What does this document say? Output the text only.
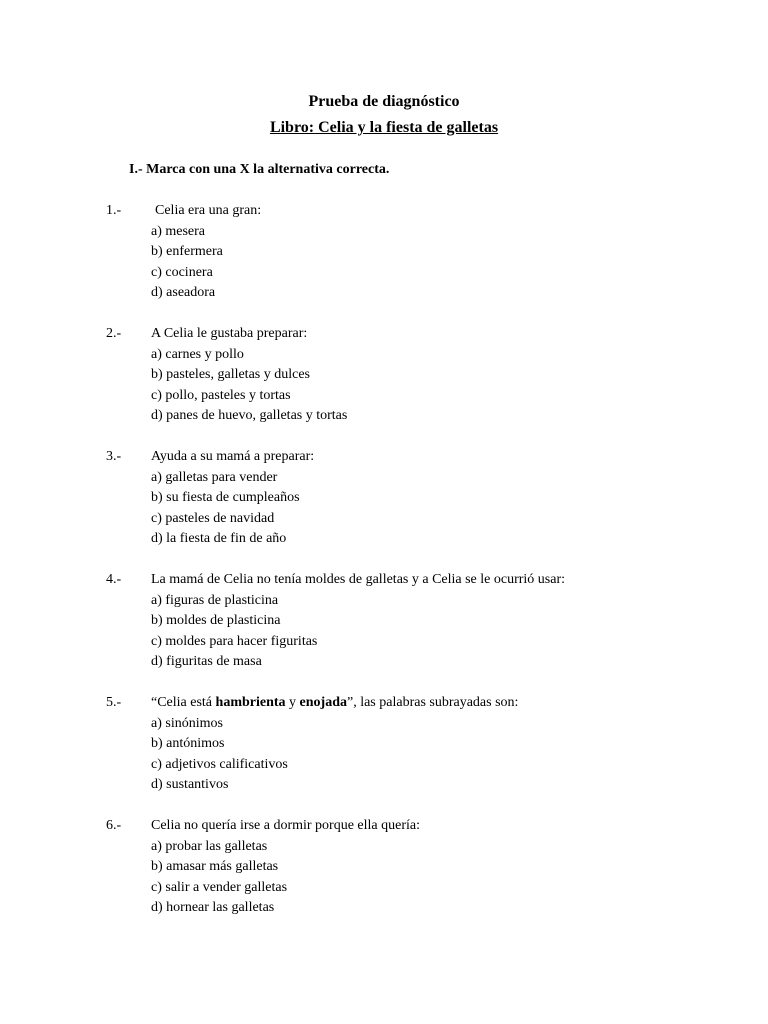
Prueba de diagnóstico
Libro: Celia y la fiesta de galletas

I.- Marca con una X la alternativa correcta.

1.- Celia era una gran:
a) mesera
b) enfermera
c) cocinera
d) aseadora
2.- A Celia le gustaba preparar:
a) carnes y pollo
b) pasteles, galletas y dulces
c) pollo, pasteles y tortas
d) panes de huevo, galletas y tortas
3.- Ayuda a su mamá a preparar:
a) galletas para vender
b) su fiesta de cumpleaños
c) pasteles de navidad
d) la fiesta de fin de año
4.- La mamá de Celia no tenía moldes de galletas y a Celia se le ocurrió usar:
a) figuras de plasticina
b) moldes de plasticina
c) moldes para hacer figuritas
d) figuritas de masa
5.- “Celia está hambrienta y enojada”, las palabras subrayadas son:
a) sinónimos
b) antónimos
c) adjetivos calificativos
d) sustantivos
6.- Celia no quería irse a dormir porque ella quería:
a) probar las galletas
b) amasar más galletas
c) salir a vender galletas
d) hornear las galletas
